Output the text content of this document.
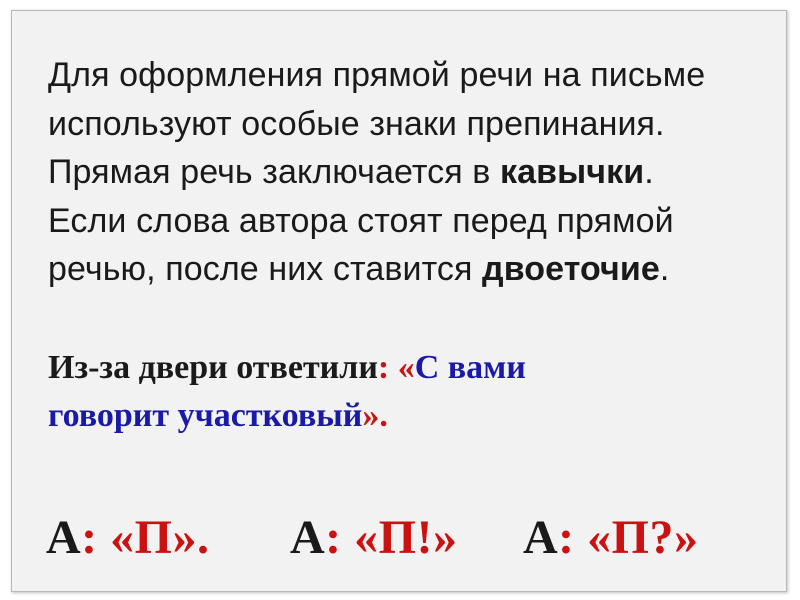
Для оформления прямой речи на письме
используют особые знаки препинания.
Прямая речь заключается в кавычки.
Если слова автора стоят перед прямой
речью, после них ставится двоеточие.
Из-за двери ответили: «С вами
говорит участковый».
А: «П». А: «П!» А: «П?»
